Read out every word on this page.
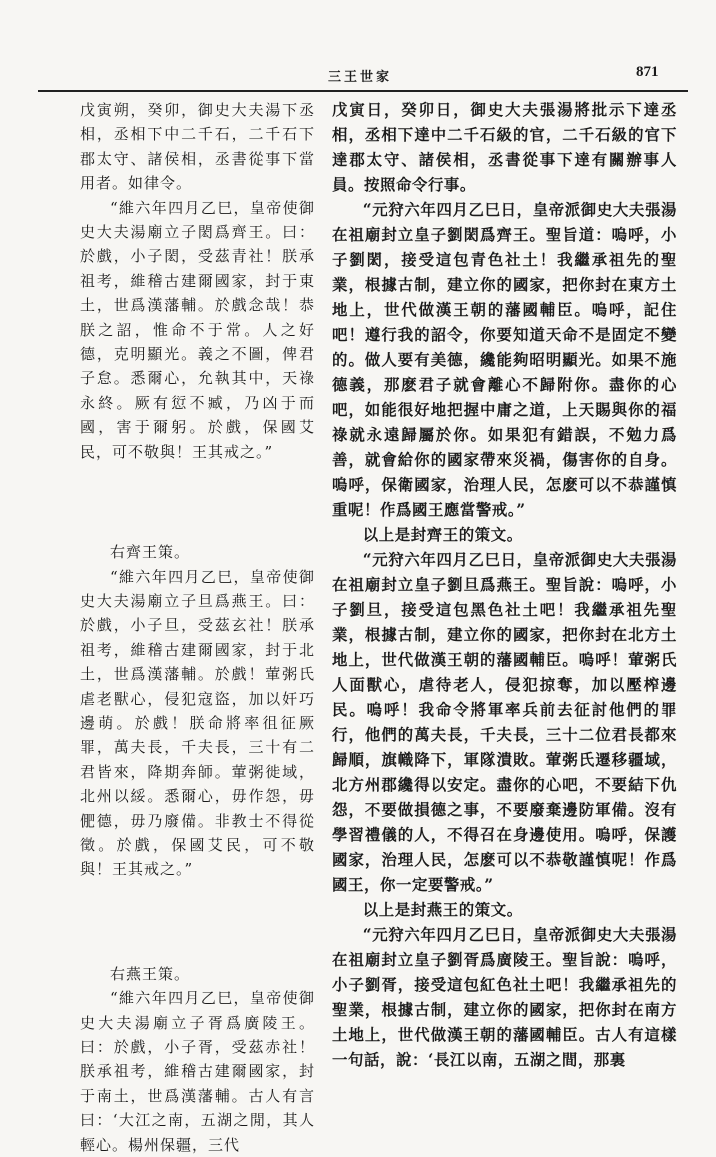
三王世家	871

戊寅朔，癸卯，御史大夫湯下丞相，丞相下中二千石，二千石下郡太守、諸侯相，丞書從事下當用者。如律令。

“維六年四月乙巳，皇帝使御史大夫湯廟立子閎爲齊王。曰：於戲，小子閎，受茲青社！朕承祖考，維稽古建爾國家，封于東土，世爲漢藩輔。於戲念哉！恭朕之詔，惟命不于常。人之好德，克明顯光。義之不圖，俾君子怠。悉爾心，允執其中，天祿永終。厥有愆不臧，乃凶于而國，害于爾躬。於戲，保國艾民，可不敬與！王其戒之。”

右齊王策。

“維六年四月乙巳，皇帝使御史大夫湯廟立子旦爲燕王。曰：於戲，小子旦，受茲玄社！朕承祖考，維稽古建爾國家，封于北土，世爲漢藩輔。於戲！葷粥氏虐老獸心，侵犯寇盜，加以奸巧邊萌。於戲！朕命將率徂征厥罪，萬夫長，千夫長，三十有二君皆來，降期奔師。葷粥徙域，北州以綏。悉爾心，毋作怨，毋俷德，毋乃廢備。非教士不得從徵。於戲，保國艾民，可不敬與！王其戒之。”

右燕王策。

“維六年四月乙巳，皇帝使御史大夫湯廟立子胥爲廣陵王。曰：於戲，小子胥，受茲赤社！朕承祖考，維稽古建爾國家，封于南土，世爲漢藩輔。古人有言曰：‘大江之南，五湖之閒，其人輕心。楊州保疆，三代

戊寅日，癸卯日，御史大夫張湯將批示下達丞相，丞相下達中二千石級的官，二千石級的官下達郡太守、諸侯相，丞書從事下達有關辦事人員。按照命令行事。

“元狩六年四月乙巳日，皇帝派御史大夫張湯在祖廟封立皇子劉閎爲齊王。聖旨道：嗚呼，小子劉閎，接受這包青色社土！我繼承祖先的聖業，根據古制，建立你的國家，把你封在東方土地上，世代做漢王朝的藩國輔臣。嗚呼，記住吧！遵行我的詔令，你要知道天命不是固定不變的。做人要有美德，纔能夠昭明顯光。如果不施德義，那麽君子就會離心不歸附你。盡你的心吧，如能很好地把握中庸之道，上天賜與你的福祿就永遠歸屬於你。如果犯有錯誤，不勉力爲善，就會給你的國家帶來災禍，傷害你的自身。嗚呼，保衛國家，治理人民，怎麽可以不恭謹慎重呢！作爲國王應當警戒。”

以上是封齊王的策文。

“元狩六年四月乙巳日，皇帝派御史大夫張湯在祖廟封立皇子劉旦爲燕王。聖旨說：嗚呼，小子劉旦，接受這包黑色社土吧！我繼承祖先聖業，根據古制，建立你的國家，把你封在北方土地上，世代做漢王朝的藩國輔臣。嗚呼！葷粥氏人面獸心，虐待老人，侵犯掠奪，加以壓榨邊民。嗚呼！我命令將軍率兵前去征討他們的罪行，他們的萬夫長，千夫長，三十二位君長都來歸順，旗幟降下，軍隊潰敗。葷粥氏遷移疆域，北方州郡纔得以安定。盡你的心吧，不要結下仇怨，不要做損德之事，不要廢棄邊防軍備。沒有學習禮儀的人，不得召在身邊使用。嗚呼，保護國家，治理人民，怎麽可以不恭敬謹慎呢！作爲國王，你一定要警戒。”

以上是封燕王的策文。

“元狩六年四月乙巳日，皇帝派御史大夫張湯在祖廟封立皇子劉胥爲廣陵王。聖旨說：嗚呼，小子劉胥，接受這包紅色社土吧！我繼承祖先的聖業，根據古制，建立你的國家，把你封在南方土地上，世代做漢王朝的藩國輔臣。古人有這樣一句話，說：‘長江以南，五湖之間，那裏
